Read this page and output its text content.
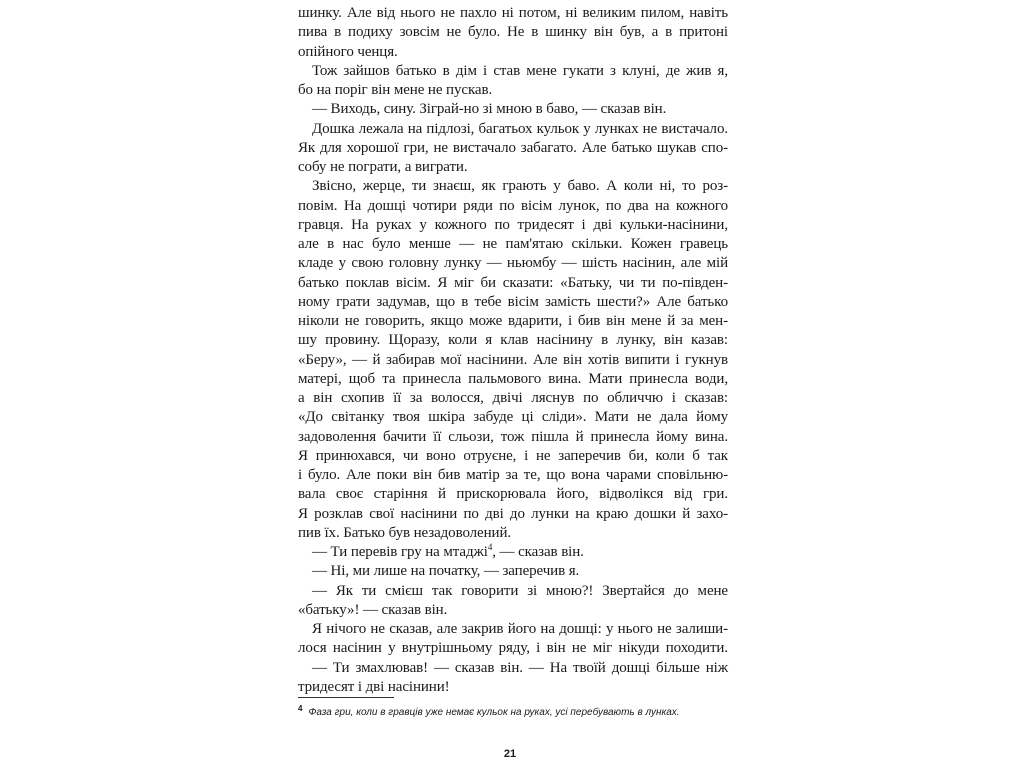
шинку. Але від нього не пахло ні потом, ні великим пилом, навіть
пива в подиху зовсім не було. Не в шинку він був, а в притоні
опійного ченця.
Тож зайшов батько в дім і став мене гукати з клуні, де жив я,
бо на поріг він мене не пускав.
— Виходь, сину. Зіграй-но зі мною в баво, — сказав він.
Дошка лежала на підлозі, багатьох кульок у лунках не вистачало.
Як для хорошої гри, не вистачало забагато. Але батько шукав спо-
собу не пограти, а виграти.
Звісно, жерце, ти знаєш, як грають у баво. А коли ні, то роз-
повім. На дошці чотири ряди по вісім лунок, по два на кожного
гравця. На руках у кожного по тридесят і дві кульки-насінини,
але в нас було менше — не пам'ятаю скільки. Кожен гравець
кладе у свою головну лунку — ньюмбу — шість насінин, але мій
батько поклав вісім. Я міг би сказати: «Батьку, чи ти по-півден-
ному грати задумав, що в тебе вісім замість шести?» Але батько
ніколи не говорить, якщо може вдарити, і бив він мене й за мен-
шу провину. Щоразу, коли я клав насінину в лунку, він казав:
«Беру», — й забирав мої насінини. Але він хотів випити і гукнув
матері, щоб та принесла пальмового вина. Мати принесла води,
а він схопив її за волосся, двічі ляснув по обличчю і сказав:
«До світанку твоя шкіра забуде ці сліди». Мати не дала йому
задоволення бачити її сльози, тож пішла й принесла йому вина.
Я принюхався, чи воно отруєне, і не заперечив би, коли б так
і було. Але поки він бив матір за те, що вона чарами сповільню-
вала своє старіння й прискорювала його, відволікся від гри.
Я розклав свої насінини по дві до лунки на краю дошки й захо-
пив їх. Батько був незадоволений.
— Ти перевів гру на мтаджі$^4$, — сказав він.
— Ні, ми лише на початку, — заперечив я.
— Як ти смієш так говорити зі мною?! Звертайся до мене
«батьку»! — сказав він.
Я нічого не сказав, але закрив його на дошці: у нього не залиши-
лося насінин у внутрішньому ряду, і він не міг нікуди походити.
— Ти змахлював! — сказав він. — На твоїй дошці більше ніж
тридесят і дві насінини!
$^4$ Фаза гри, коли в гравців уже немає кульок на руках, усі перебувають в лунках.
21
